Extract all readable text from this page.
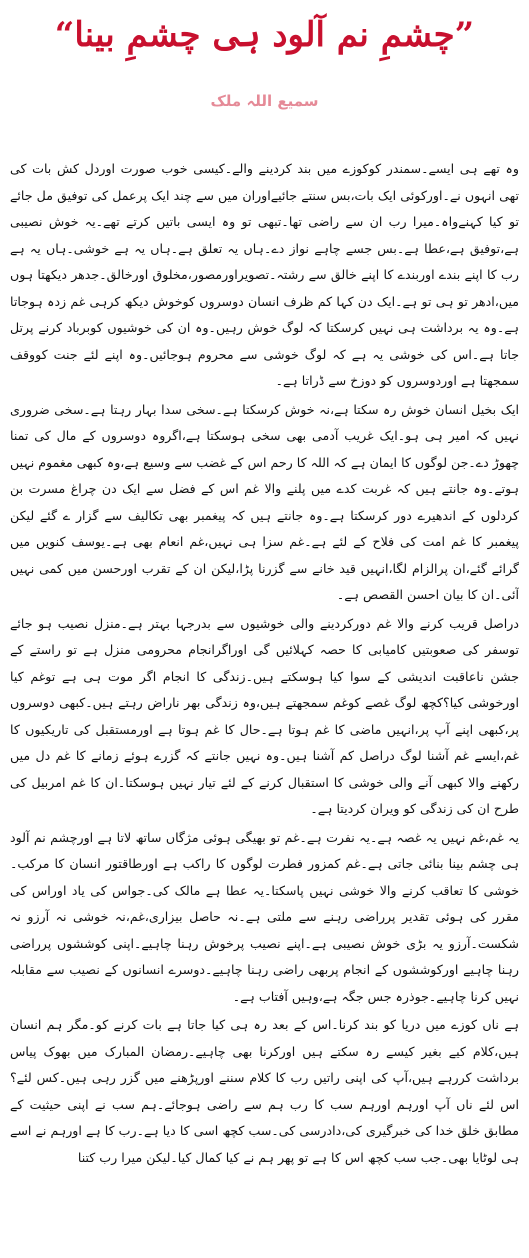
”چشمِ نم آلود ہی چشمِ بینا“
سمیع اللہ ملک

وہ تھے ہی ایسے۔سمندر کوکوزے میں بند کردینے والے۔کیسی خوب صورت اوردل کش بات کی تھی انہوں نے۔اورکوئی ایک بات،بس سنتے جائیےاوران میں سے چند ایک پرعمل کی توفیق مل جائے تو کیا کہنےواہ۔میرا رب ان سے راضی تھا۔تبھی تو وہ ایسی باتیں کرتے تھے۔یہ خوش نصیبی ہے،توفیق ہے،عطا ہے۔بس جسے چاہے نواز دے۔ہاں یہ تعلق ہے۔ہاں یہ ہے خوشی۔ہاں یہ ہے رب کا اپنے بندے اوربندے کا اپنے خالق سے رشتہ۔تصویراورمصور،مخلوق اورخالق۔جدھر دیکھتا ہوں میں،ادھر تو ہی تو ہے۔ایک دن کہا کم ظرف انسان دوسروں کوخوش دیکھ کرہی غم زدہ ہوجاتا ہے۔وہ یہ برداشت ہی نہیں کرسکتا کہ لوگ خوش رہیں۔وہ ان کی خوشیوں کوبرباد کرنے پرتل جاتا ہے۔اس کی خوشی یہ ہے کہ لوگ خوشی سے محروم ہوجائیں۔وہ اپنے لئے جنت کووقف سمجھتا ہے اوردوسروں کو دوزخ سے ڈراتا ہے۔

ایک بخیل انسان خوش رہ سکتا ہے،نہ خوش کرسکتا ہے۔سخی سدا بہار رہتا ہے۔سخی ضروری نہیں کہ امیر ہی ہو۔ایک غریب آدمی بھی سخی ہوسکتا ہے،اگروہ دوسروں کے مال کی تمنا چھوڑ دے۔جن لوگوں کا ایمان ہے کہ اللہ کا رحم اس کے غضب سے وسیع ہے،وہ کبھی مغموم نہیں ہوتے۔وہ جانتے ہیں کہ غربت کدے میں پلنے والا غم اس کے فضل سے ایک دن چراغ مسرت بن کردلوں کے اندھیرے دور کرسکتا ہے۔وہ جانتے ہیں کہ پیغمبر بھی تکالیف سے گزار ے گئے لیکن پیغمبر کا غم امت کی فلاح کے لئے ہے۔غم سزا ہی نہیں،غم انعام بھی ہے۔یوسف کنویں میں گرائے گئے،ان پرالزام لگا،انہیں قید خانے سے گزرنا پڑا،لیکن ان کے تقرب اورحسن میں کمی نہیں آئی۔ان کا بیان احسن القصص ہے۔

دراصل قریب کرنے والا غم دورکردینے والی خوشیوں سے بدرجہا بہتر ہے۔منزل نصیب ہو جائے توسفر کی صعوبتیں کامیابی کا حصہ کہلائیں گی اوراگرانجام محرومی منزل ہے تو راستے کے جشن ناعاقبت اندیشی کے سوا کیا ہوسکتے ہیں۔زندگی کا انجام اگر موت ہی ہے توغم کیا اورخوشی کیا؟کچھ لوگ غصے کوغم سمجھتے ہیں،وہ زندگی بھر ناراض رہتے ہیں۔کبھی دوسروں پر،کبھی اپنے آپ پر،انہیں ماضی کا غم ہوتا ہے۔حال کا غم ہوتا ہے اورمستقبل کی تاریکیوں کا غم،ایسے غم آشنا لوگ دراصل کم آشنا ہیں۔وہ نہیں جانتے کہ گزرے ہوئے زمانے کا غم دل میں رکھنے والا کبھی آنے والی خوشی کا استقبال کرنے کے لئے تیار نہیں ہوسکتا۔ان کا غم امربیل کی طرح ان کی زندگی کو ویران کردیتا ہے۔

یہ غم،غم نہیں یہ غصہ ہے۔یہ نفرت ہے۔غم تو بھیگی ہوئی مژگاں ساتھ لاتا ہے اورچشم نم آلود ہی چشم بینا بنائی جاتی ہے۔غم کمزور فطرت لوگوں کا راکب ہے اورطاقتور انسان کا مرکب۔خوشی کا تعاقب کرنے والا خوشی نہیں پاسکتا۔یہ عطا ہے مالک کی۔جواس کی یاد اوراس کی مقرر کی ہوئی تقدیر پرراضی رہنے سے ملتی ہے۔نہ حاصل بیزاری،غم،نہ خوشی نہ آرزو نہ شکست۔آرزو یہ بڑی خوش نصیبی ہے۔اپنے نصیب پرخوش رہنا چاہیے۔اپنی کوششوں پرراضی رہنا چاہیے اورکوششوں کے انجام پربھی راضی رہنا چاہیے۔دوسرے انسانوں کے نصیب سے مقابلہ نہیں کرنا چاہیے۔جوذرہ جس جگہ ہے،وہیں آفتاب ہے۔

ہے ناں کوزے میں دریا کو بند کرنا۔اس کے بعد رہ ہی کیا جاتا ہے بات کرنے کو۔مگر ہم انسان ہیں،کلام کیے بغیر کیسے رہ سکتے ہیں اورکرنا بھی چاہیے۔رمضان المبارک میں بھوک پیاس برداشت کررہے ہیں،آپ کی اپنی راتیں رب کا کلام سننے اورپڑھنے میں گزر رہی ہیں۔کس لئے؟اس لئے ناں آپ اورہم اورہم سب کا رب ہم سے راضی ہوجائے۔ہم سب نے اپنی حیثیت کے مطابق خلق خدا کی خبرگیری کی،دادرسی کی۔سب کچھ اسی کا دیا ہے۔رب کا ہے اورہم نے اسے ہی لوٹایا بھی۔جب سب کچھ اس کا ہے تو پھر ہم نے کیا کمال کیا۔لیکن میرا رب کتنا
